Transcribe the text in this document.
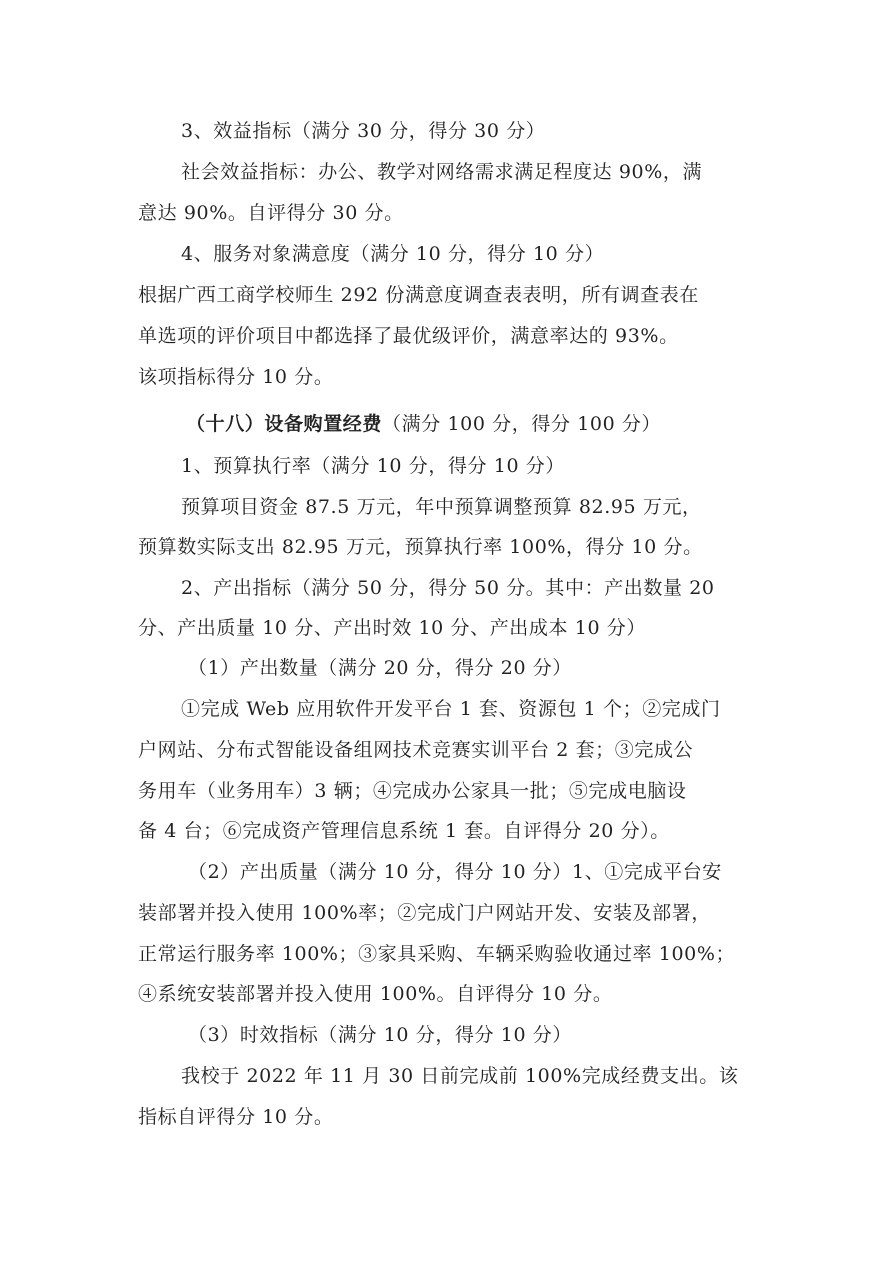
3、效益指标（满分 30 分，得分 30 分）
社会效益指标：办公、教学对网络需求满足程度达 90%，满
意达 90%。自评得分 30 分。
4、服务对象满意度（满分 10 分，得分 10 分）
根据广西工商学校师生 292 份满意度调查表表明，所有调查表在
单选项的评价项目中都选择了最优级评价，满意率达的 93%。
该项指标得分 10 分。
（十八）设备购置经费（满分 100 分，得分 100 分）
1、预算执行率（满分 10 分，得分 10 分）
预算项目资金 87.5 万元，年中预算调整预算 82.95 万元，
预算数实际支出 82.95 万元，预算执行率 100%，得分 10 分。
2、产出指标（满分 50 分，得分 50 分。其中：产出数量 20
分、产出质量 10 分、产出时效 10 分、产出成本 10 分）
（1）产出数量（满分 20 分，得分 20 分）
①完成 Web 应用软件开发平台 1 套、资源包 1 个；②完成门
户网站、分布式智能设备组网技术竞赛实训平台 2 套；③完成公
务用车（业务用车）3 辆；④完成办公家具一批；⑤完成电脑设
备 4 台；⑥完成资产管理信息系统 1 套。自评得分 20 分）。
（2）产出质量（满分 10 分，得分 10 分）1、①完成平台安
装部署并投入使用 100%率；②完成门户网站开发、安装及部署，
正常运行服务率 100%；③家具采购、车辆采购验收通过率 100%；
④系统安装部署并投入使用 100%。自评得分 10 分。
（3）时效指标（满分 10 分，得分 10 分）
我校于 2022 年 11 月 30 日前完成前 100%完成经费支出。该
指标自评得分 10 分。
